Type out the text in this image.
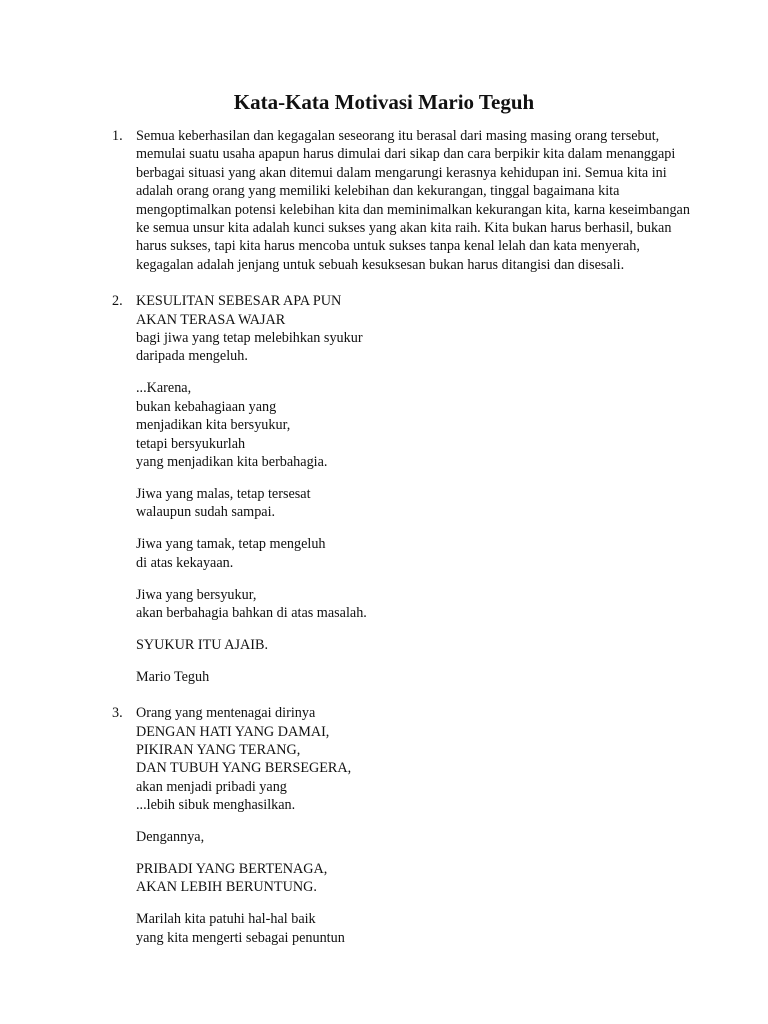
Kata-Kata Motivasi Mario Teguh
1. Semua keberhasilan dan kegagalan seseorang itu berasal dari masing masing orang tersebut,
memulai suatu usaha apapun harus dimulai dari sikap dan cara berpikir kita dalam menanggapi
berbagai situasi yang akan ditemui dalam mengarungi kerasnya kehidupan ini. Semua kita ini
adalah orang orang yang memiliki kelebihan dan kekurangan, tinggal bagaimana kita
mengoptimalkan potensi kelebihan kita dan meminimalkan kekurangan kita, karna keseimbangan
ke semua unsur kita adalah kunci sukses yang akan kita raih. Kita bukan harus berhasil, bukan
harus sukses, tapi kita harus mencoba untuk sukses tanpa kenal lelah dan kata menyerah,
kegagalan adalah jenjang untuk sebuah kesuksesan bukan harus ditangisi dan disesali.

2. KESULITAN SEBESAR APA PUN
AKAN TERASA WAJAR
bagi jiwa yang tetap melebihkan syukur
daripada mengeluh.

...Karena,
bukan kebahagiaan yang
menjadikan kita bersyukur,
tetapi bersyukurlah
yang menjadikan kita berbahagia.

Jiwa yang malas, tetap tersesat
walaupun sudah sampai.

Jiwa yang tamak, tetap mengeluh
di atas kekayaan.

Jiwa yang bersyukur,
akan berbahagia bahkan di atas masalah.

SYUKUR ITU AJAIB.

Mario Teguh

3. Orang yang mentenagai dirinya
DENGAN HATI YANG DAMAI,
PIKIRAN YANG TERANG,
DAN TUBUH YANG BERSEGERA,
akan menjadi pribadi yang
...lebih sibuk menghasilkan.

Dengannya,

PRIBADI YANG BERTENAGA,
AKAN LEBIH BERUNTUNG.

Marilah kita patuhi hal-hal baik
yang kita mengerti sebagai penuntun
